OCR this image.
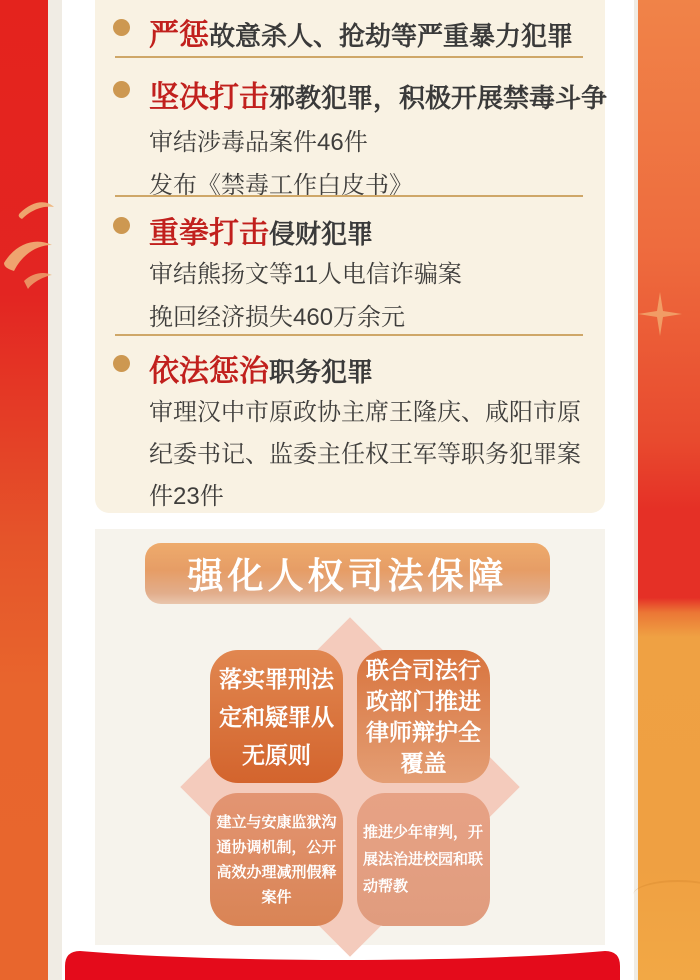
严惩故意杀人、抢劫等严重暴力犯罪
坚决打击邪教犯罪，积极开展禁毒斗争
审结涉毒品案件46件
发布《禁毒工作白皮书》
重拳打击侵财犯罪
审结熊扬文等11人电信诈骗案
挽回经济损失460万余元
依法惩治职务犯罪
审理汉中市原政协主席王隆庆、咸阳市原纪委书记、监委主任权王军等职务犯罪案件23件
强化人权司法保障
落实罪刑法定和疑罪从无原则
联合司法行政部门推进律师辩护全覆盖
建立与安康监狱沟通协调机制，公开高效办理减刑假释案件
推进少年审判，开展法治进校园和联动帮教
